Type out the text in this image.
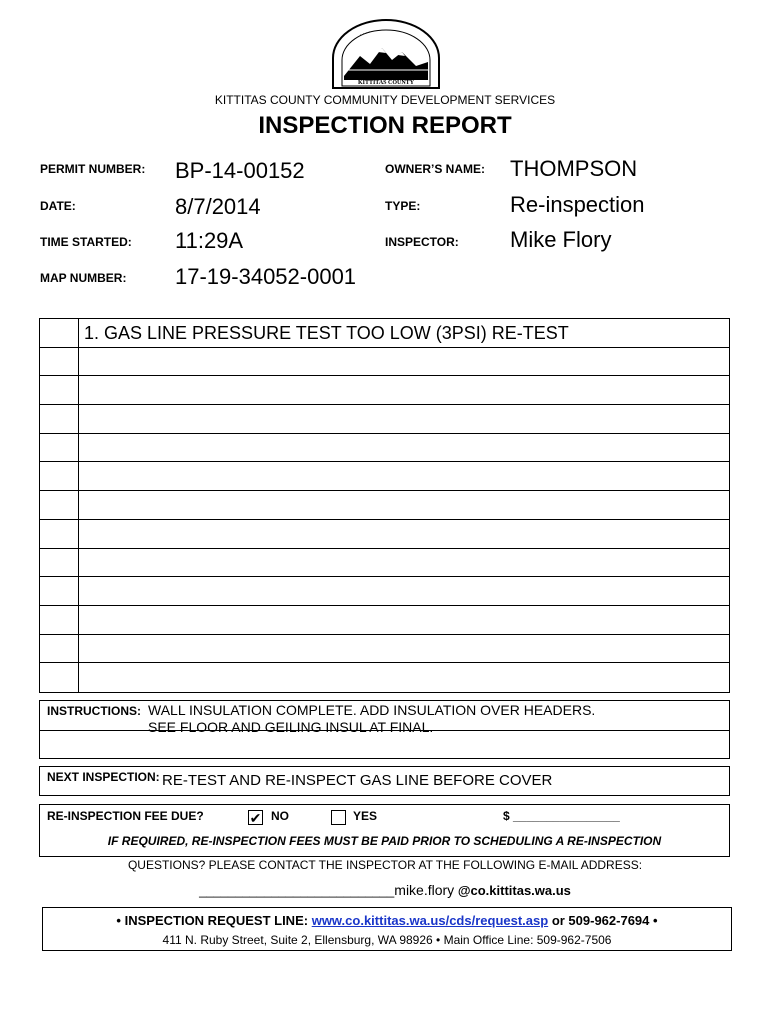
· · · ·
KITTITAS COUNTY
KITTITAS COUNTY COMMUNITY DEVELOPMENT SERVICES
INSPECTION REPORT
PERMIT NUMBER: BP-14-00152	OWNER’S NAME: THOMPSON
DATE:	8/7/2014	TYPE:	Re-inspection
TIME STARTED: 11:29A	INSPECTOR: Mike Flory
MAP NUMBER: 17-19-34052-0001
1. GAS LINE PRESSURE TEST TOO LOW (3PSI) RE-TEST
INSTRUCTIONS: WALL INSULATION COMPLETE. ADD INSULATION OVER HEADERS.
SEE FLOOR AND GEILING INSUL AT FINAL.
NEXT INSPECTION: RE-TEST AND RE-INSPECT GAS LINE BEFORE COVER
RE-INSPECTION FEE DUE?	✔ NO	YES	$ ________________
IF REQUIRED, RE-INSPECTION FEES MUST BE PAID PRIOR TO SCHEDULING A RE-INSPECTION
QUESTIONS? PLEASE CONTACT THE INSPECTOR AT THE FOLLOWING E-MAIL ADDRESS:
___________________________mike.flory @co.kittitas.wa.us
• INSPECTION REQUEST LINE: www.co.kittitas.wa.us/cds/request.asp or 509-962-7694 •
411 N. Ruby Street, Suite 2, Ellensburg, WA 98926 • Main Office Line: 509-962-7506
